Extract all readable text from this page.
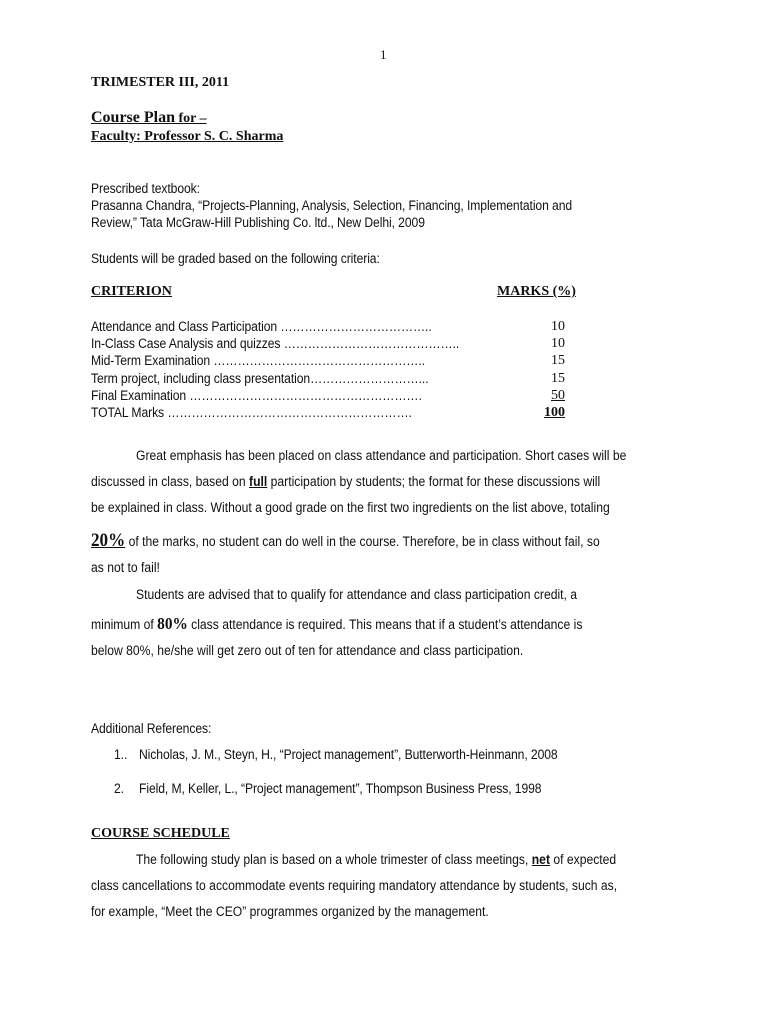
1
TRIMESTER III, 2011
Course Plan for –
Faculty: Professor S. C. Sharma
Prescribed textbook:
Prasanna Chandra, “Projects-Planning, Analysis, Selection, Financing, Implementation and
Review,” Tata McGraw-Hill Publishing Co. ltd., New Delhi, 2009
Students will be graded based on the following criteria:
CRITERION	MARKS (%)
Attendance and Class Participation ………………………………..	10
In-Class Case Analysis and quizzes ……………………………………..	10
Mid-Term Examination ……………………………………………..	15
Term project, including class presentation………………………...	15
Final Examination ………………………………………………….	50
TOTAL Marks …………………………………………………….	100
Great emphasis has been placed on class attendance and participation. Short cases will be
discussed in class, based on full participation by students; the format for these discussions will
be explained in class. Without a good grade on the first two ingredients on the list above, totaling
20% of the marks, no student can do well in the course. Therefore, be in class without fail, so
as not to fail!
Students are advised that to qualify for attendance and class participation credit, a
minimum of 80% class attendance is required. This means that if a student’s attendance is
below 80%, he/she will get zero out of ten for attendance and class participation.
Additional References:
1.. Nicholas, J. M., Steyn, H., “Project management”, Butterworth-Heinmann, 2008
2. Field, M, Keller, L., “Project management”, Thompson Business Press, 1998
COURSE SCHEDULE
The following study plan is based on a whole trimester of class meetings, net of expected
class cancellations to accommodate events requiring mandatory attendance by students, such as,
for example, “Meet the CEO” programmes organized by the management.
